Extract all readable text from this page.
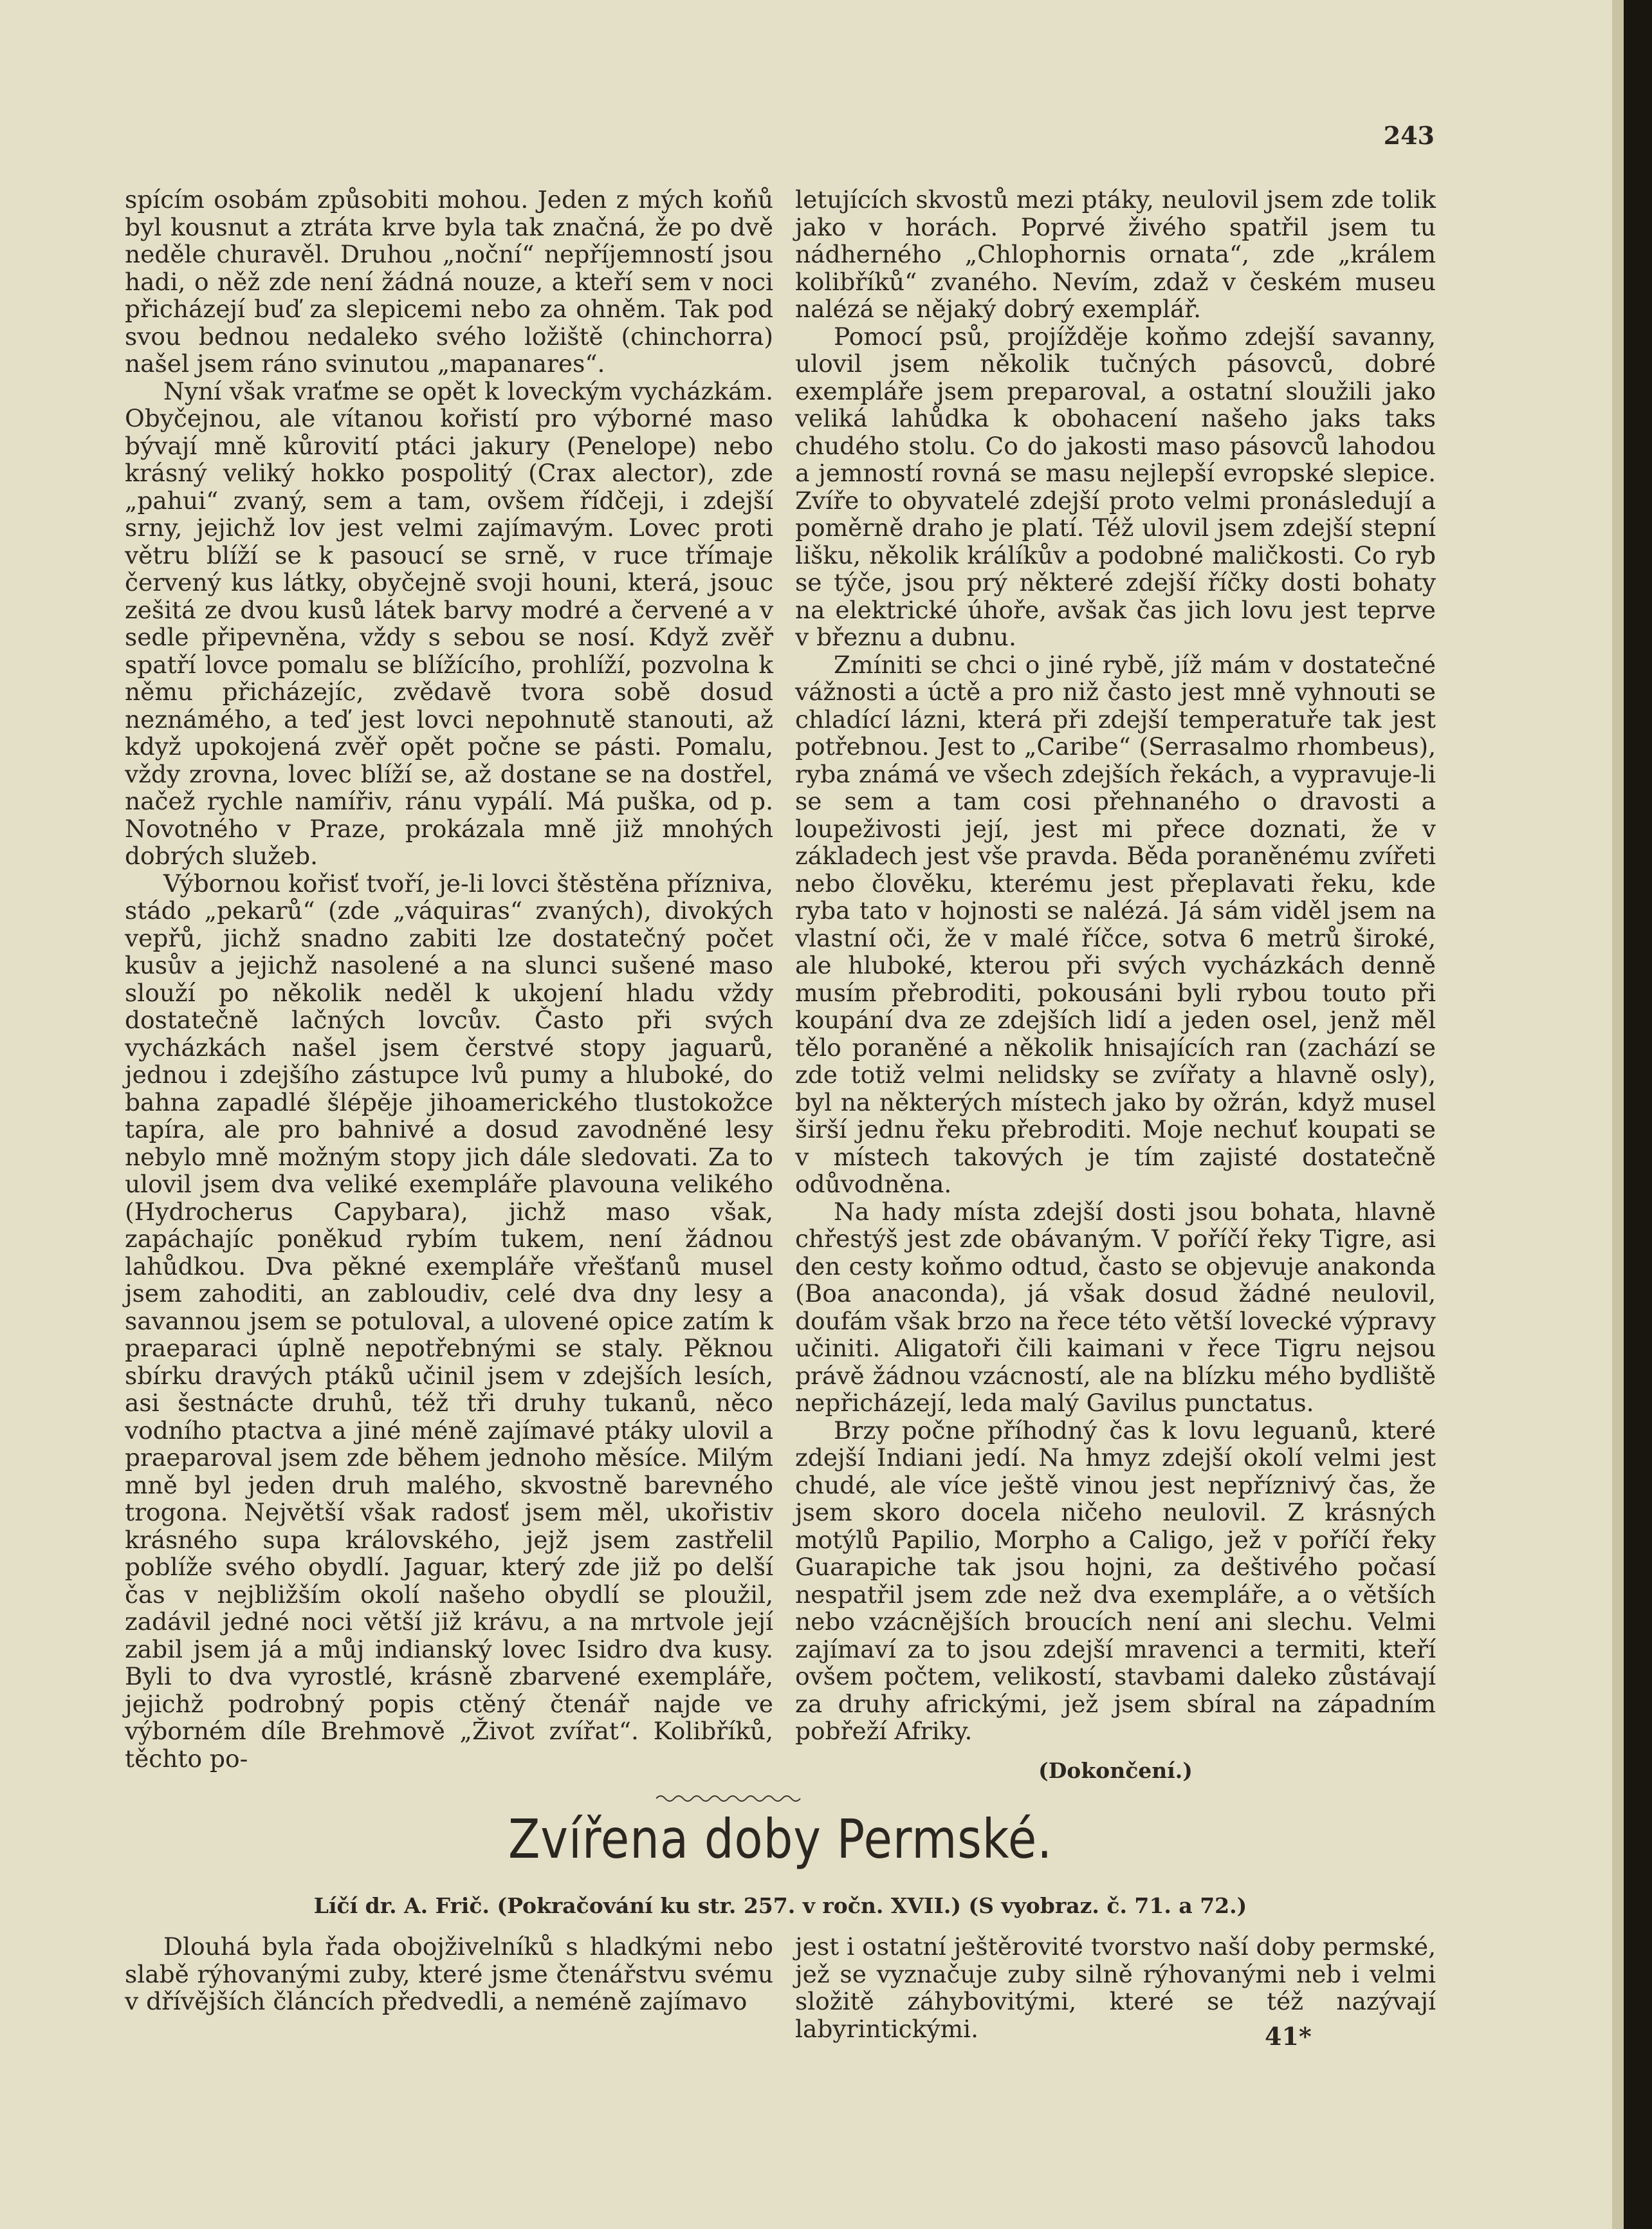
243

spícím osobám způsobiti mohou. Jeden z mých koňů byl kousnut a ztráta krve byla tak značná, že po dvě neděle churavěl. Druhou „noční“ nepříjemností jsou hadi, o něž zde není žádná nouze, a kteří sem v noci přicházejí buď za slepicemi nebo za ohněm. Tak pod svou bednou nedaleko svého ložiště (chinchorra) našel jsem ráno svinutou „mapanares“.

Nyní však vraťme se opět k loveckým vycházkám. Obyčejnou, ale vítanou kořistí pro výborné maso bývají mně kůrovití ptáci jakury (Penelope) nebo krásný veliký hokko pospolitý (Crax alector), zde „pahui“ zvaný, sem a tam, ovšem řídčeji, i zdejší srny, jejichž lov jest velmi zajímavým. Lovec proti větru blíží se k pasoucí se srně, v ruce třímaje červený kus látky, obyčejně svoji houni, která, jsouc zešitá ze dvou kusů látek barvy modré a červené a v sedle připevněna, vždy s sebou se nosí. Když zvěř spatří lovce pomalu se blížícího, prohlíží, pozvolna k němu přicházejíc, zvědavě tvora sobě dosud neznámého, a teď jest lovci nepohnutě stanouti, až když upokojená zvěř opět počne se pásti. Pomalu, vždy zrovna, lovec blíží se, až dostane se na dostřel, načež rychle namířiv, ránu vypálí. Má puška, od p. Novotného v Praze, prokázala mně již mnohých dobrých služeb.

Výbornou kořisť tvoří, je-li lovci štěstěna přízniva, stádo „pekarů“ (zde „váquiras“ zvaných), divokých vepřů, jichž snadno zabiti lze dostatečný počet kusův a jejichž nasolené a na slunci sušené maso slouží po několik neděl k ukojení hladu vždy dostatečně lačných lovcův. Často při svých vycházkách našel jsem čerstvé stopy jaguarů, jednou i zdejšího zástupce lvů pumy a hluboké, do bahna zapadlé šlépěje jihoamerického tlustokožce tapíra, ale pro bahnivé a dosud zavodněné lesy nebylo mně možným stopy jich dále sledovati. Za to ulovil jsem dva veliké exempláře plavouna velikého (Hydrocherus Capybara), jichž maso však, zapáchajíc poněkud rybím tukem, není žádnou lahůdkou. Dva pěkné exempláře vřešťanů musel jsem zahoditi, an zabloudiv, celé dva dny lesy a savannou jsem se potuloval, a ulovené opice zatím k praeparaci úplně nepotřebnými se staly. Pěknou sbírku dravých ptáků učinil jsem v zdejších lesích, asi šestnácte druhů, též tři druhy tukanů, něco vodního ptactva a jiné méně zajímavé ptáky ulovil a praeparoval jsem zde během jednoho měsíce. Milým mně byl jeden druh malého, skvostně barevného trogona. Největší však radosť jsem měl, ukořistiv krásného supa královského, jejž jsem zastřelil poblíže svého obydlí. Jaguar, který zde již po delší čas v nejbližším okolí našeho obydlí se ploužil, zadávil jedné noci větší již krávu, a na mrtvole její zabil jsem já a můj indianský lovec Isidro dva kusy. Byli to dva vyrostlé, krásně zbarvené exempláře, jejichž podrobný popis ctěný čtenář najde ve výborném díle Brehmově „Život zvířat“. Kolibříků, těchto po-

letujících skvostů mezi ptáky, neulovil jsem zde tolik jako v horách. Poprvé živého spatřil jsem tu nádherného „Chlophornis ornata“, zde „králem kolibříků“ zvaného. Nevím, zdaž v českém museu nalézá se nějaký dobrý exemplář.

Pomocí psů, projížděje koňmo zdejší savanny, ulovil jsem několik tučných pásovců, dobré exempláře jsem preparoval, a ostatní sloužili jako veliká lahůdka k obohacení našeho jaks taks chudého stolu. Co do jakosti maso pásovců lahodou a jemností rovná se masu nejlepší evropské slepice. Zvíře to obyvatelé zdejší proto velmi pronásledují a poměrně draho je platí. Též ulovil jsem zdejší stepní lišku, několik králíkův a podobné maličkosti. Co ryb se týče, jsou prý některé zdejší říčky dosti bohaty na elektrické úhoře, avšak čas jich lovu jest teprve v březnu a dubnu.

Zmíniti se chci o jiné rybě, jíž mám v dostatečné vážnosti a úctě a pro niž často jest mně vyhnouti se chladící lázni, která při zdejší temperatuře tak jest potřebnou. Jest to „Caribe“ (Serrasalmo rhombeus), ryba známá ve všech zdejších řekách, a vypravuje-li se sem a tam cosi přehnaného o dravosti a loupeživosti její, jest mi přece doznati, že v základech jest vše pravda. Běda poraněnému zvířeti nebo člověku, kterému jest přeplavati řeku, kde ryba tato v hojnosti se nalézá. Já sám viděl jsem na vlastní oči, že v malé říčce, sotva 6 metrů široké, ale hluboké, kterou při svých vycházkách denně musím přebroditi, pokousáni byli rybou touto při koupání dva ze zdejších lidí a jeden osel, jenž měl tělo poraněné a několik hnisajících ran (zachází se zde totiž velmi nelidsky se zvířaty a hlavně osly), byl na některých místech jako by ožrán, když musel širší jednu řeku přebroditi. Moje nechuť koupati se v místech takových je tím zajisté dostatečně odůvodněna.

Na hady místa zdejší dosti jsou bohata, hlavně chřestýš jest zde obávaným. V poříčí řeky Tigre, asi den cesty koňmo odtud, často se objevuje anakonda (Boa anaconda), já však dosud žádné neulovil, doufám však brzo na řece této větší lovecké výpravy učiniti. Aligatoři čili kaimani v řece Tigru nejsou právě žádnou vzácností, ale na blízku mého bydliště nepřicházejí, leda malý Gavilus punctatus.

Brzy počne příhodný čas k lovu leguanů, které zdejší Indiani jedí. Na hmyz zdejší okolí velmi jest chudé, ale více ještě vinou jest nepříznivý čas, že jsem skoro docela ničeho neulovil. Z krásných motýlů Papilio, Morpho a Caligo, jež v poříčí řeky Guarapiche tak jsou hojni, za deštivého počasí nespatřil jsem zde než dva exempláře, a o větších nebo vzácnějších broucích není ani slechu. Velmi zajímaví za to jsou zdejší mravenci a termiti, kteří ovšem počtem, velikostí, stavbami daleko zůstávají za druhy africkými, jež jsem sbíral na západním pobřeží Afriky.

(Dokončení.)
Zvířena doby Permské.
Líčí dr. A. Frič. (Pokračování ku str. 257. v ročn. XVII.) (S vyobraz. č. 71. a 72.)

Dlouhá byla řada obojživelníků s hladkými nebo slabě rýhovanými zuby, které jsme čtenářstvu svému v dřívějších článcích předvedli, a neméně zajímavo

jest i ostatní ještěrovité tvorstvo naší doby permské, jež se vyznačuje zuby silně rýhovanými neb i velmi složitě záhybovitými, které se též nazývají labyrintickými.	41*
